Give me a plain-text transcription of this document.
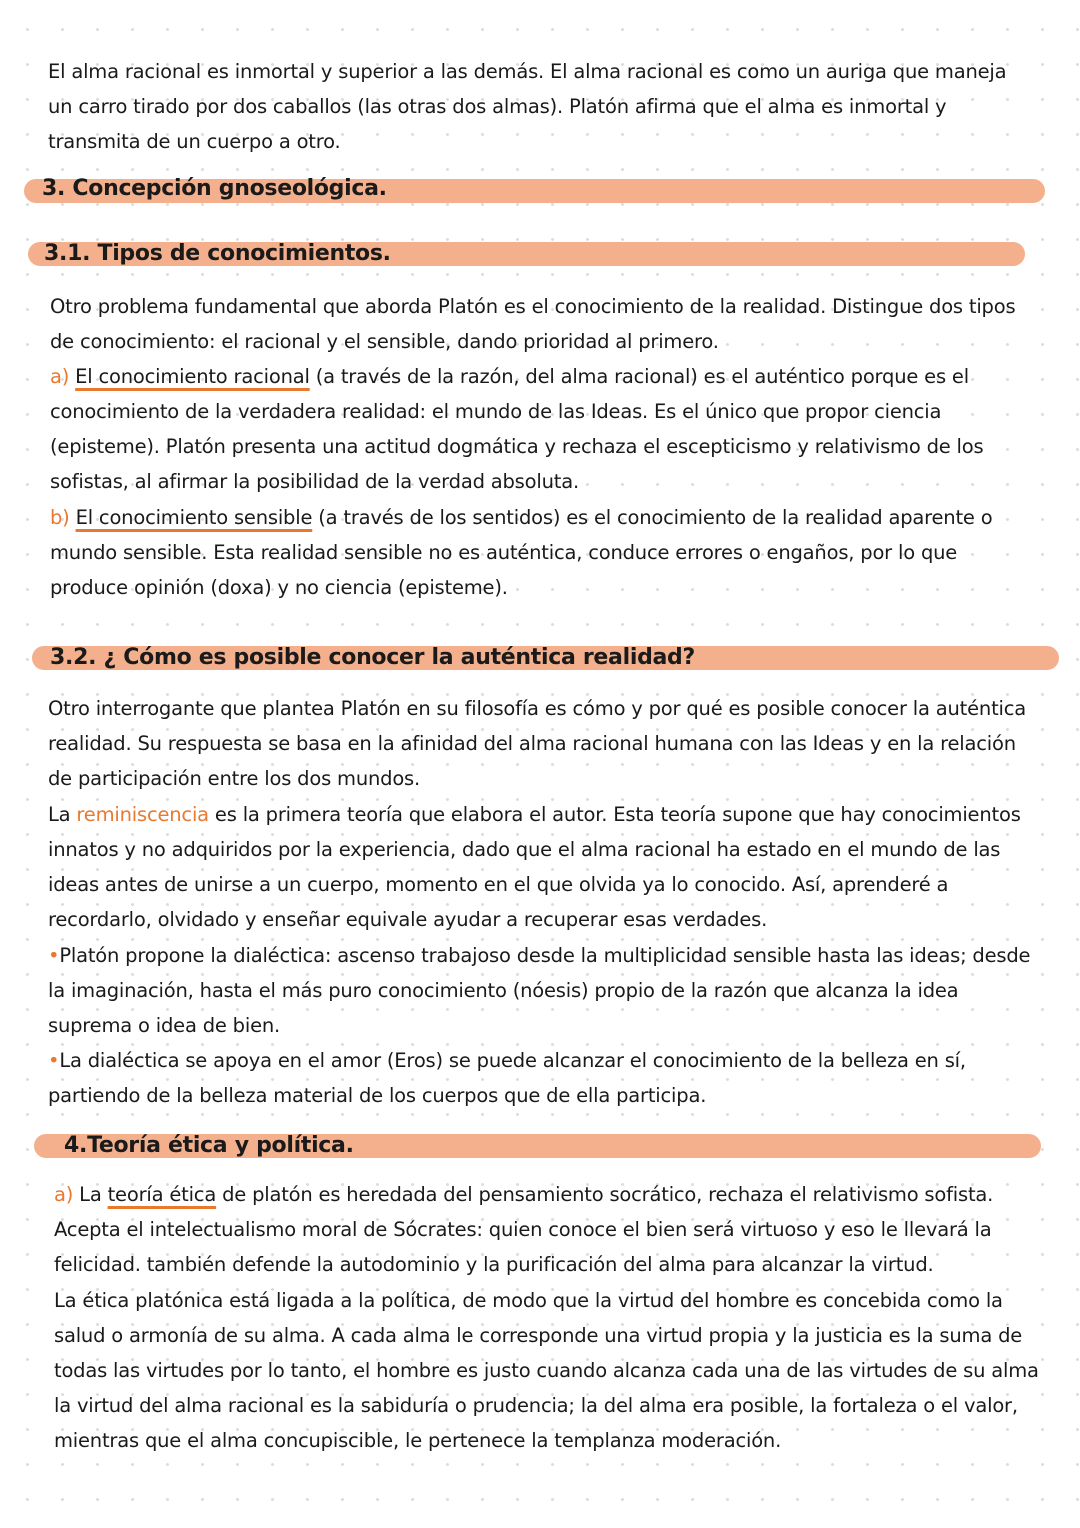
El alma racional es inmortal y superior a las demás. El alma racional es como un auriga que maneja un carro tirado por dos caballos (las otras dos almas). Platón afirma que el alma es inmortal y transmita de un cuerpo a otro.

3. Concepción gnoseológica.
3.1. Tipos de conocimientos.

Otro problema fundamental que aborda Platón es el conocimiento de la realidad. Distingue dos tipos de conocimiento: el racional y el sensible, dando prioridad al primero.

a) El conocimiento racional (a través de la razón, del alma racional) es el auténtico porque es el conocimiento de la verdadera realidad: el mundo de las Ideas. Es el único que propor ciencia (episteme). Platón presenta una actitud dogmática y rechaza el escepticismo y relativismo de los sofistas, al afirmar la posibilidad de la verdad absoluta.

b) El conocimiento sensible (a través de los sentidos) es el conocimiento de la realidad aparente o mundo sensible. Esta realidad sensible no es auténtica, conduce errores o engaños, por lo que produce opinión (doxa) y no ciencia (episteme).

3.2. ¿ Cómo es posible conocer la auténtica realidad?

Otro interrogante que plantea Platón en su filosofía es cómo y por qué es posible conocer la auténtica realidad. Su respuesta se basa en la afinidad del alma racional humana con las Ideas y en la relación de participación entre los dos mundos.

La reminiscencia es la primera teoría que elabora el autor. Esta teoría supone que hay conocimientos innatos y no adquiridos por la experiencia, dado que el alma racional ha estado en el mundo de las ideas antes de unirse a un cuerpo, momento en el que olvida ya lo conocido. Así, aprenderé a recordarlo, olvidado y enseñar equivale ayudar a recuperar esas verdades.

•Platón propone la dialéctica: ascenso trabajoso desde la multiplicidad sensible hasta las ideas; desde la imaginación, hasta el más puro conocimiento (nóesis) propio de la razón que alcanza la idea suprema o idea de bien.

•La dialéctica se apoya en el amor (Eros) se puede alcanzar el conocimiento de la belleza en sí, partiendo de la belleza material de los cuerpos que de ella participa.

4.Teoría ética y política.

a) La teoría ética de platón es heredada del pensamiento socrático, rechaza el relativismo sofista. Acepta el intelectualismo moral de Sócrates: quien conoce el bien será virtuoso y eso le llevará la felicidad. también defende la autodominio y la purificación del alma para alcanzar la virtud.

La ética platónica está ligada a la política, de modo que la virtud del hombre es concebida como la salud o armonía de su alma. A cada alma le corresponde una virtud propia y la justicia es la suma de todas las virtudes por lo tanto, el hombre es justo cuando alcanza cada una de las virtudes de su alma la virtud del alma racional es la sabiduría o prudencia; la del alma era posible, la fortaleza o el valor, mientras que el alma concupiscible, le pertenece la templanza moderación.
